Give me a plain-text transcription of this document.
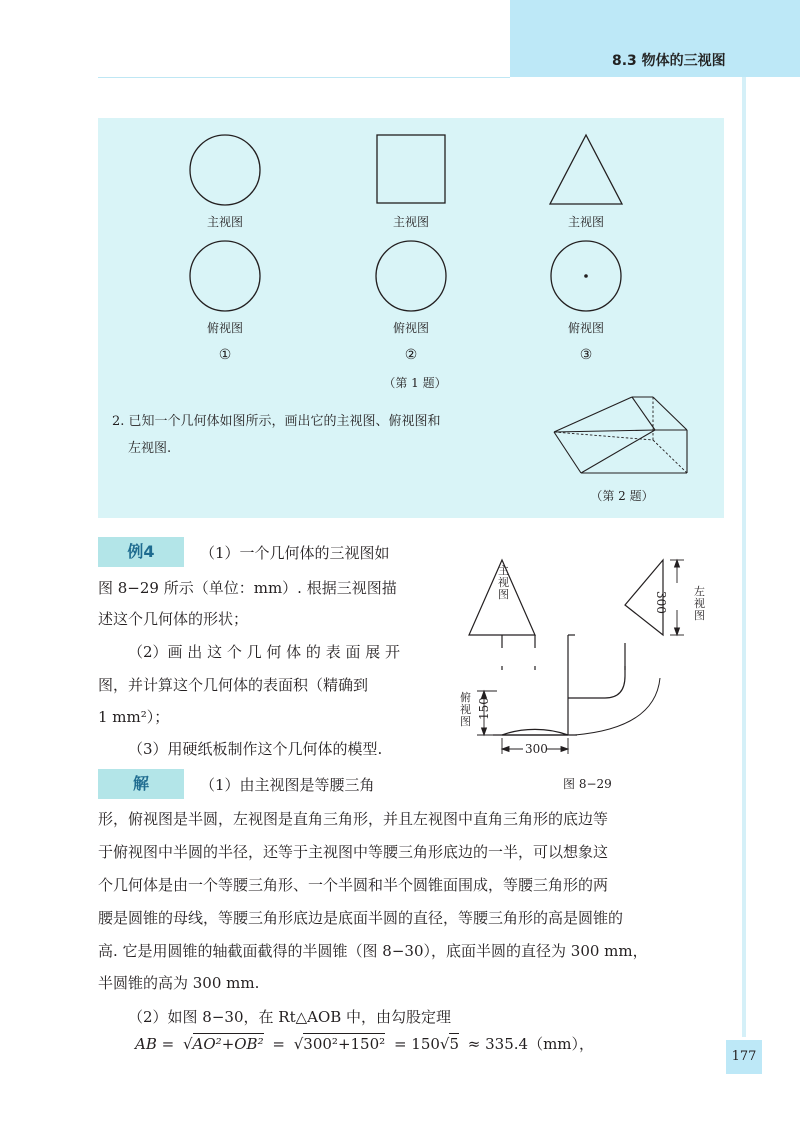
8.3 物体的三视图
主视图	主视图	主视图
俯视图	俯视图	俯视图
①	②	③
（第 1 题）
2. 已知一个几何体如图所示，画出它的主视图、俯视图和
左视图.
（第 2 题）
例4	（1）一个几何体的三视图如
图 8−29 所示（单位：mm）. 根据三视图描
述这个几何体的形状；
（2）画 出 这 个 几 何 体 的 表 面 展 开
图，并计算这个几何体的表面积（精确到
1 mm²）；
（3）用硬纸板制作这个几何体的模型.
主
视
图	左
视
图
俯
视
图
300
150
300
图 8−29
解	（1）由主视图是等腰三角
形，俯视图是半圆，左视图是直角三角形，并且左视图中直角三角形的底边等
于俯视图中半圆的半径，还等于主视图中等腰三角形底边的一半，可以想象这
个几何体是由一个等腰三角形、一个半圆和半个圆锥面围成，等腰三角形的两
腰是圆锥的母线，等腰三角形底边是底面半圆的直径，等腰三角形的高是圆锥的
高. 它是用圆锥的轴截面截得的半圆锥（图 8−30），底面半圆的直径为 300 mm，
半圆锥的高为 300 mm.
（2）如图 8−30，在 Rt△AOB 中，由勾股定理
AB = √AO²+OB² = √300²+150² = 150√5 ≈ 335.4（mm），
177
